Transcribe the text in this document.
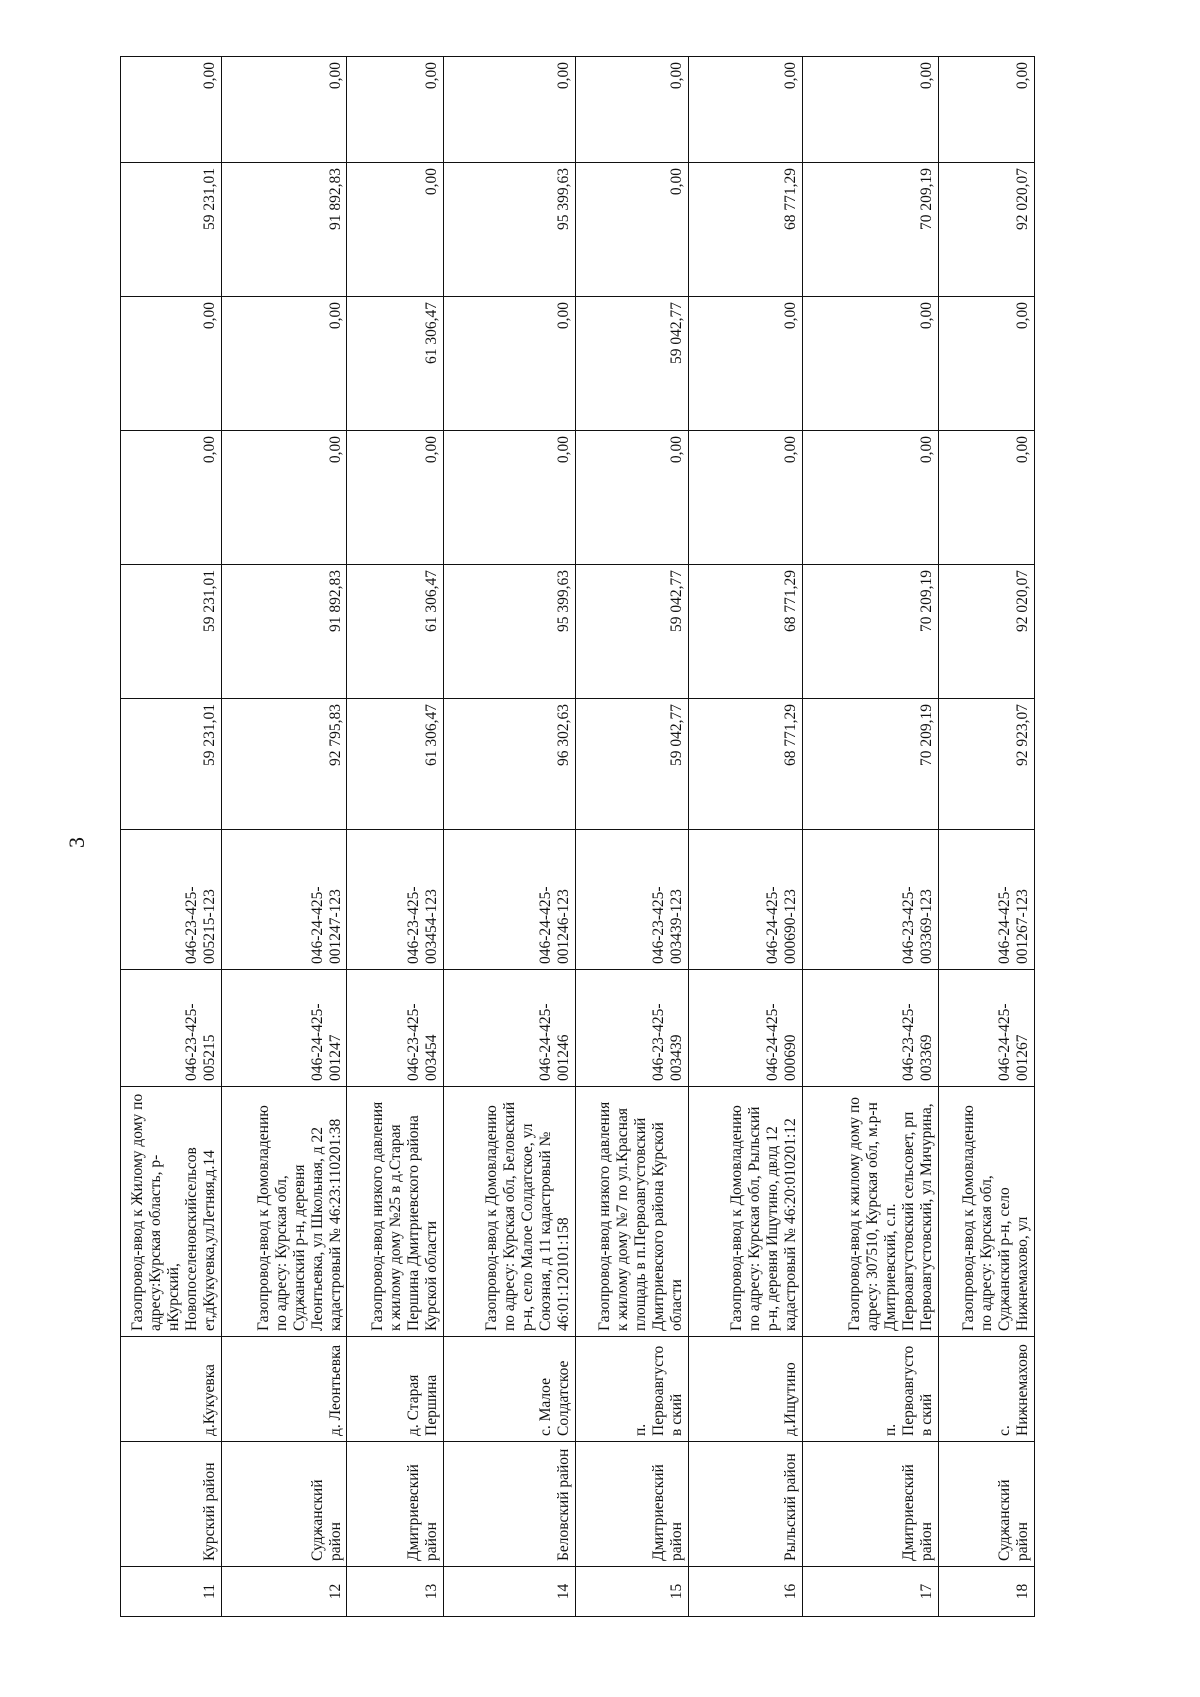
3
11	Курский район	д.Кукуевка	Газопровод-ввод к Жилому дому по адресу:Курская область, р-нКурский, Новопоселеновскийсельсов ет,дКукуевка,улЛетняя,д.14	046-23-425-005215	046-23-425-005215-123	59 231,01	59 231,01	0,00	0,00	59 231,01	0,00
12	Суджанский район	д. Леонтьевка	Газопровод-ввод к Домовладению по адресу: Курская обл, Суджанский р-н, деревня Леонтьевка, ул Школьная, д 22 кадастровый № 46:23:110201:38	046-24-425-001247	046-24-425-001247-123	92 795,83	91 892,83	0,00	0,00	91 892,83	0,00
13	Дмитриевский район	д. Старая Першина	Газопровод-ввод низкого давления к жилому дому №25 в д.Старая Першина Дмитриевского района Курской области	046-23-425-003454	046-23-425-003454-123	61 306,47	61 306,47	0,00	61 306,47	0,00	0,00
14	Беловский район	с. Малое Солдатское	Газопровод-ввод к Домовладению по адресу: Курская обл, Беловский р-н, село Малое Солдатское, ул Союзная, д 11 кадастровый № 46:01:120101:158	046-24-425-001246	046-24-425-001246-123	96 302,63	95 399,63	0,00	0,00	95 399,63	0,00
15	Дмитриевский район	п. Первоавгустов ский	Газопровод-ввод низкого давления к жилому дому №7 по ул.Красная площадь в п.Первоавгустовский Дмитриевского района Курской области	046-23-425-003439	046-23-425-003439-123	59 042,77	59 042,77	0,00	59 042,77	0,00	0,00
16	Рыльский район	д.Ищутино	Газопровод-ввод к Домовладению по адресу: Курская обл, Рыльский р-н, деревня Ищутино, двлд 12 кадастровый № 46:20:010201:12	046-24-425-000690	046-24-425-000690-123	68 771,29	68 771,29	0,00	0,00	68 771,29	0,00
17	Дмитриевский район	п. Первоавгустов ский	Газопровод-ввод к жилому дому по адресу: 307510, Курская обл, м.р-н Дмитриевский, с.п. Первоавгустовский сельсовет, рп Первоавгустовский, ул Мичурина,	046-23-425-003369	046-23-425-003369-123	70 209,19	70 209,19	0,00	0,00	70 209,19	0,00
18	Суджанский район	с. Нижнемахово	Газопровод-ввод к Домовладению по адресу: Курская обл, Суджанский р-н, село Нижнемахово, ул	046-24-425-001267	046-24-425-001267-123	92 923,07	92 020,07	0,00	0,00	92 020,07	0,00
